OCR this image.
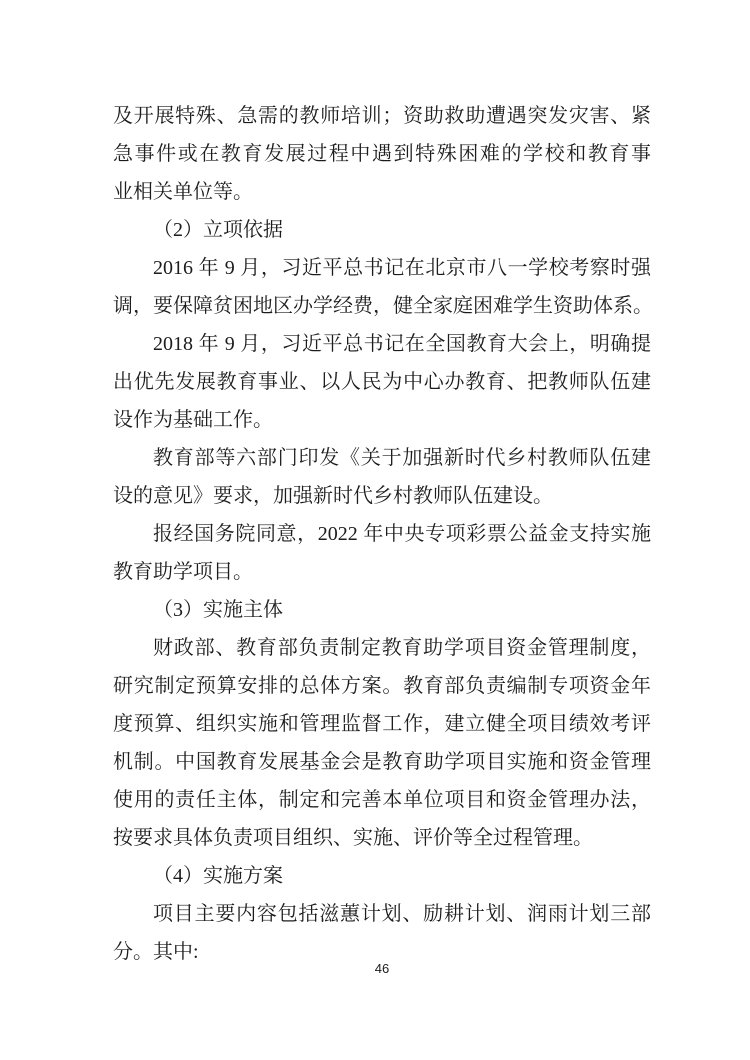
及开展特殊、急需的教师培训；资助救助遭遇突发灾害、紧
急事件或在教育发展过程中遇到特殊困难的学校和教育事
业相关单位等。
（2）立项依据
2016 年 9 月，习近平总书记在北京市八一学校考察时强
调，要保障贫困地区办学经费，健全家庭困难学生资助体系。
2018 年 9 月，习近平总书记在全国教育大会上，明确提
出优先发展教育事业、以人民为中心办教育、把教师队伍建
设作为基础工作。
教育部等六部门印发《关于加强新时代乡村教师队伍建
设的意见》要求，加强新时代乡村教师队伍建设。
报经国务院同意，2022 年中央专项彩票公益金支持实施
教育助学项目。
（3）实施主体
财政部、教育部负责制定教育助学项目资金管理制度，
研究制定预算安排的总体方案。教育部负责编制专项资金年
度预算、组织实施和管理监督工作，建立健全项目绩效考评
机制。中国教育发展基金会是教育助学项目实施和资金管理
使用的责任主体，制定和完善本单位项目和资金管理办法，
按要求具体负责项目组织、实施、评价等全过程管理。
（4）实施方案
项目主要内容包括滋蕙计划、励耕计划、润雨计划三部
分。其中:
46
